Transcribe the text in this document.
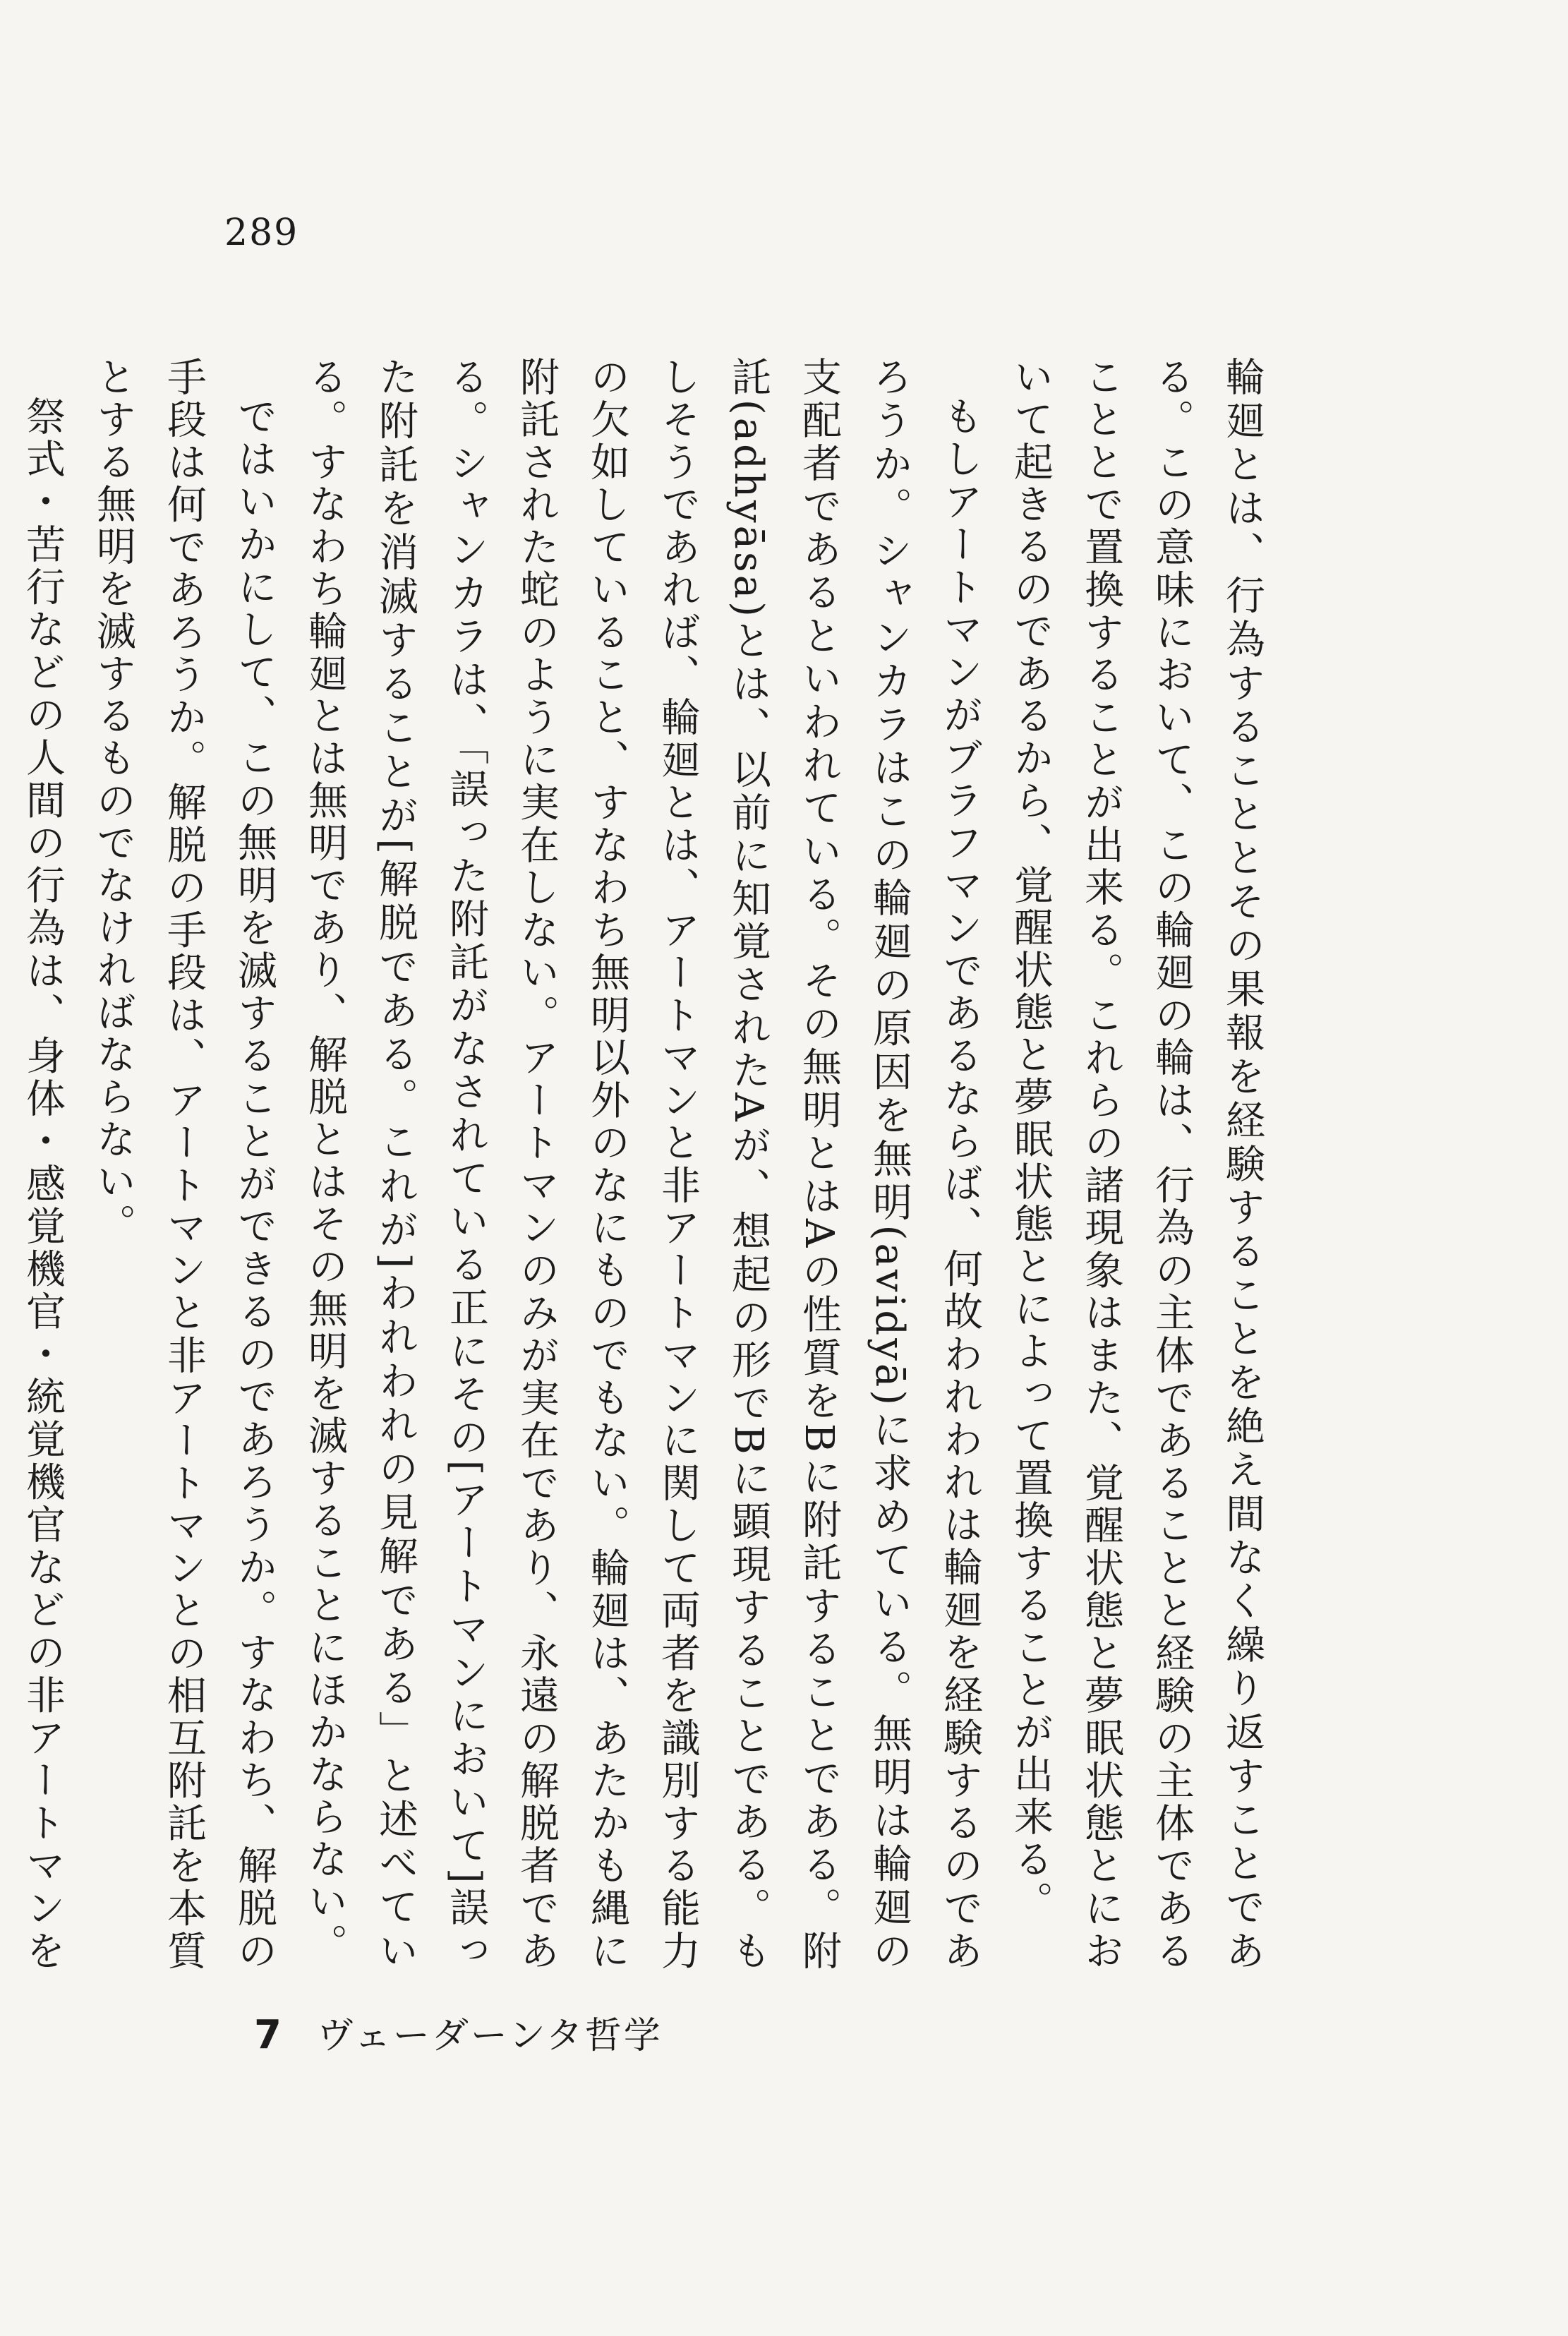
289

輪廻とは、行為することとその果報を経験することを絶え間なく繰り返すことである。この意味において、この輪廻の輪は、行為の主体であることと経験の主体であることとで置換することが出来る。これらの諸現象はまた、覚醒状態と夢眠状態とにおいて起きるのであるから、覚醒状態と夢眠状態とによって置換することが出来る。

もしアートマンがブラフマンであるならば、何故われわれは輪廻を経験するのであろうか。シャンカラはこの輪廻の原因を無明(avidyā)に求めている。無明は輪廻の支配者であるといわれている。その無明とはAの性質をBに附託することである。附託(adhyāsa)とは、以前に知覚されたAが、想起の形でBに顕現することである。もしそうであれば、輪廻とは、アートマンと非アートマンに関して両者を識別する能力の欠如していること、すなわち無明以外のなにものでもない。輪廻は、あたかも縄に附託された蛇のように実在しない。アートマンのみが実在であり、永遠の解脱者である。シャンカラは、「誤った附託がなされている正にその[アートマンにおいて]誤った附託を消滅することが[解脱である。これが]われわれの見解である」と述べている。すなわち輪廻とは無明であり、解脱とはその無明を滅することにほかならない。

ではいかにして、この無明を滅することができるのであろうか。すなわち、解脱の手段は何であろうか。解脱の手段は、アートマンと非アートマンとの相互附託を本質とする無明を滅するものでなければならない。

祭式・苦行などの人間の行為は、身体・感覚機官・統覚機官などの非アートマンを

7 ヴェーダーンタ哲学
